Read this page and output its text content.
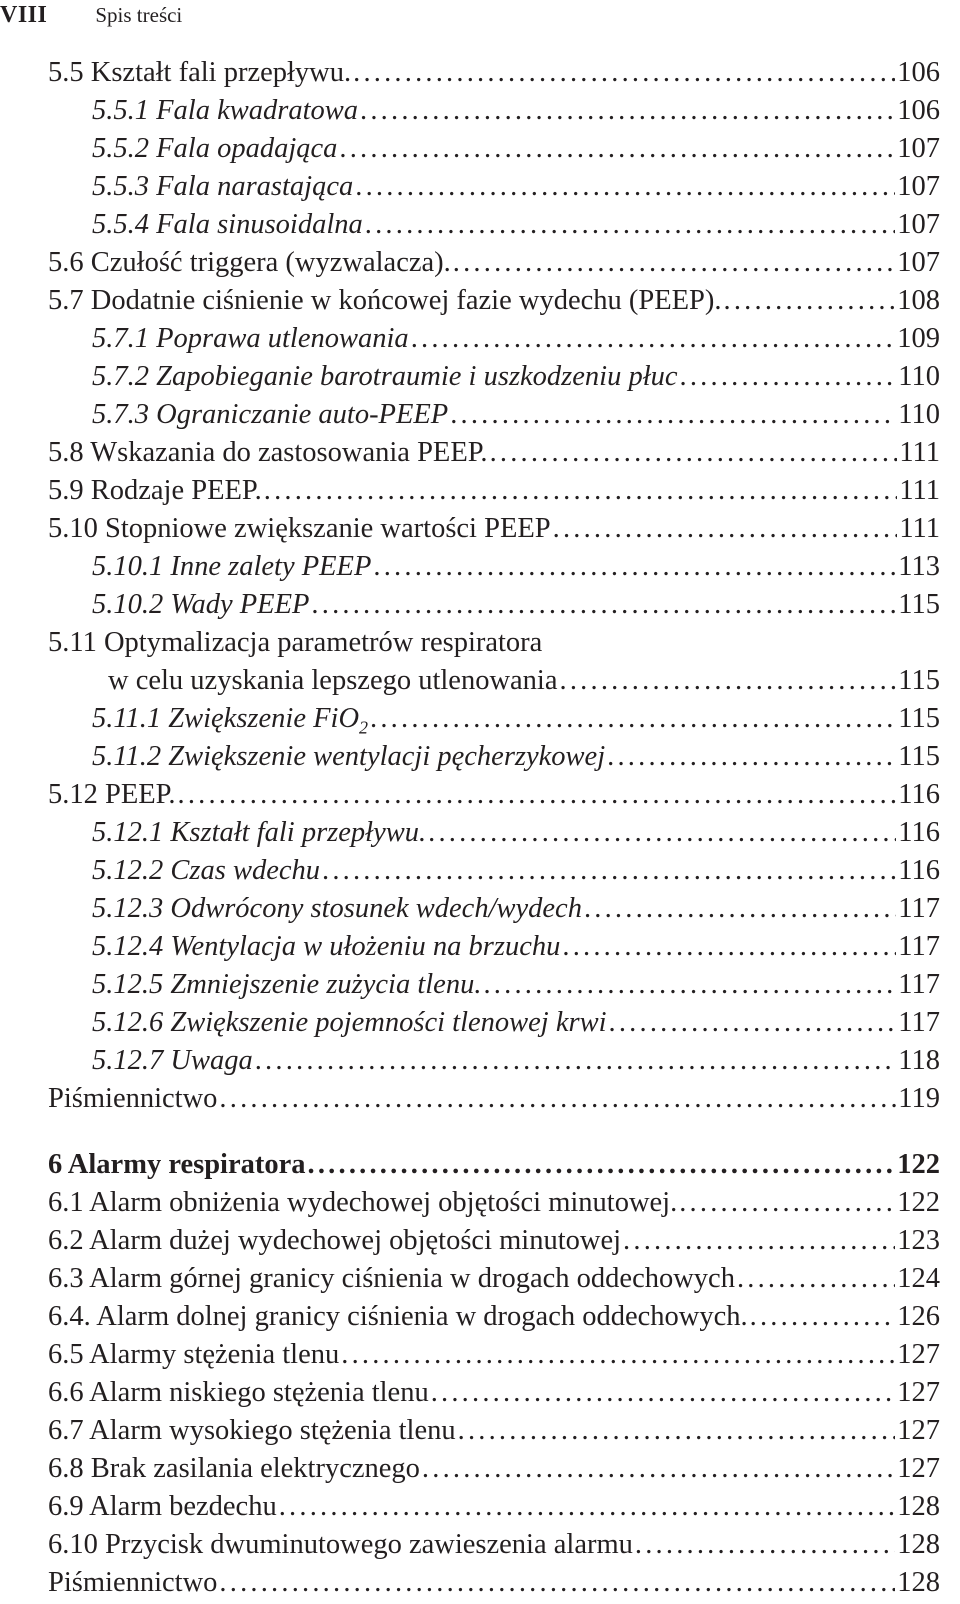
VIII Spis treści
5.5 Kształt fali przepływu. .....	106
5.5.1 Fala kwadratowa .....	106
5.5.2 Fala opadająca .....	107
5.5.3 Fala narastająca .....	107
5.5.4 Fala sinusoidalna .....	107
5.6 Czułość triggera (wyzwalacza). .....	107
5.7 Dodatnie ciśnienie w końcowej fazie wydechu (PEEP). .....	108
5.7.1 Poprawa utlenowania .....	109
5.7.2 Zapobieganie barotraumie i uszkodzeniu płuc .....	110
5.7.3 Ograniczanie auto-PEEP .....	110
5.8 Wskazania do zastosowania PEEP. .....	111
5.9 Rodzaje PEEP. .....	111
5.10 Stopniowe zwiększanie wartości PEEP .....	111
5.10.1 Inne zalety PEEP .....	113
5.10.2 Wady PEEP .....	115
5.11 Optymalizacja parametrów respiratora
w celu uzyskania lepszego utlenowania .....	115
5.11.1 Zwiększenie FiO$_2$ .....	115
5.11.2 Zwiększenie wentylacji pęcherzykowej .....	115
5.12 PEEP. .....	116
5.12.1 Kształt fali przepływu. .....	116
5.12.2 Czas wdechu .....	116
5.12.3 Odwrócony stosunek wdech/wydech .....	117
5.12.4 Wentylacja w ułożeniu na brzuchu .....	117
5.12.5 Zmniejszenie zużycia tlenu. .....	117
5.12.6 Zwiększenie pojemności tlenowej krwi .....	117
5.12.7 Uwaga .....	118
Piśmiennictwo .....	119
6 Alarmy respiratora .....	122
6.1 Alarm obniżenia wydechowej objętości minutowej. .....	122
6.2 Alarm dużej wydechowej objętości minutowej .....	123
6.3 Alarm górnej granicy ciśnienia w drogach oddechowych .....	124
6.4. Alarm dolnej granicy ciśnienia w drogach oddechowych. .....	126
6.5 Alarmy stężenia tlenu .....	127
6.6 Alarm niskiego stężenia tlenu .....	127
6.7 Alarm wysokiego stężenia tlenu .....	127
6.8 Brak zasilania elektrycznego .....	127
6.9 Alarm bezdechu .....	128
6.10 Przycisk dwuminutowego zawieszenia alarmu .....	128
Piśmiennictwo .....	128
